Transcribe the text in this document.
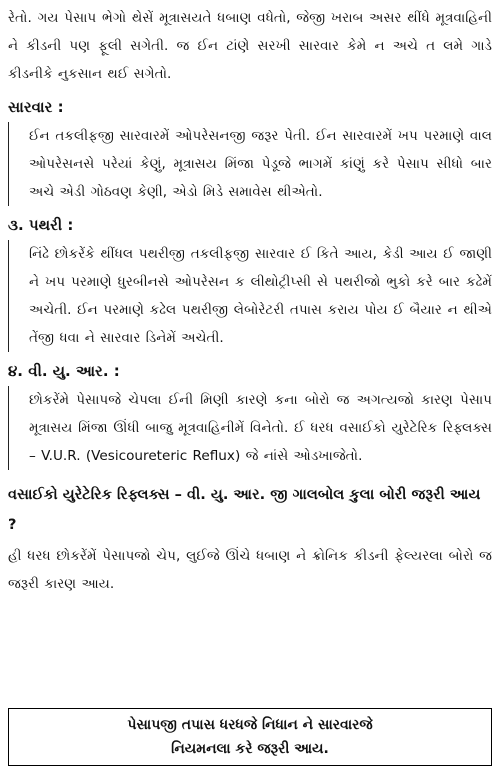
રેતો. ગય પેસાપ ભેગો થેસેં મૂત્રાસયતે ધબાણ વધેતો, જેજી ખરાબ અસર થીંધે મૂત્રવાહિની ને કીડની પણ ફૂલી સગેતી. જ ઈન ટાંણે સરખી સારવાર કેમે ન અચે ત લમે ગાડે કીડનીકે નુકસાન થઈ સગેતો.

સારવાર :

ઈન તકલીફજી સારવારમેં ઓપરેસનજી જરૂર પેતી. ઈન સારવારમેં ખપ પરમાણે વાલ ઓપરેસનસે પરેયાં કેણું, મૂત્રાસય મિંજા પેડૂજે ભાગમેં કાંણું કરે પેસાપ સીધો બાર અચે એડી ગોઠવણ કેણી, એડો મિડે સમાવેસ થીએતો.

૩. પથરી :

નિંઢે છોકરેંકે થીંધલ પથરીજી તકલીફજી સારવાર ઈ કિતે આય, કેડી આય ઈ જાણી ને ખપ પરમાણે ધુરબીનસે ઓપરેસન ક લીથોટ્રીપ્સી સે પથરીજો ભુકો કરે બાર કઢેમેં અચેતી. ઈન પરમાણે કઢેલ પથરીજી લેબોરેટરી તપાસ કરાય પોય ઈ બૈયાર ન થીએ તેંજી ધવા ને સારવાર ડિનેમેં અચેતી.

૪. વી. યુ. આર. :

છોકરેંમે પેસાપજે ચેપલા ઈની મિણી કારણે કના બોરો જ અગત્યજો કારણ પેસાપ મૂત્રાસય મિંજા ઊંધી બાજુ મૂત્રવાહિનીમેં વિનેતો. ઈ ધરધ વસાઈકો યુરેટેરિક રિફ્લક્સ – V.U.R. (Vesicoureteric Reflux) જે નાંસે ઓડખાજેતો.

વસાઈકો યુરેટેરિક રિફ્લક્સ – વી. યુ. આર. જી ગાલબોલ કુલા બોરી જરૂરી આય ?

હી ધરધ છોકરેંમેં પેસાપજો ચેપ, લુઈજે ઊંચે ધબાણ ને ક્રોનિક કીડની ફેલ્યરલા બોરો જ જરૂરી કારણ આય.

પેસાપજી તપાસ ધરધજે નિધાન ને સારવારજે
નિયમનલા કરે જરૂરી આય.
